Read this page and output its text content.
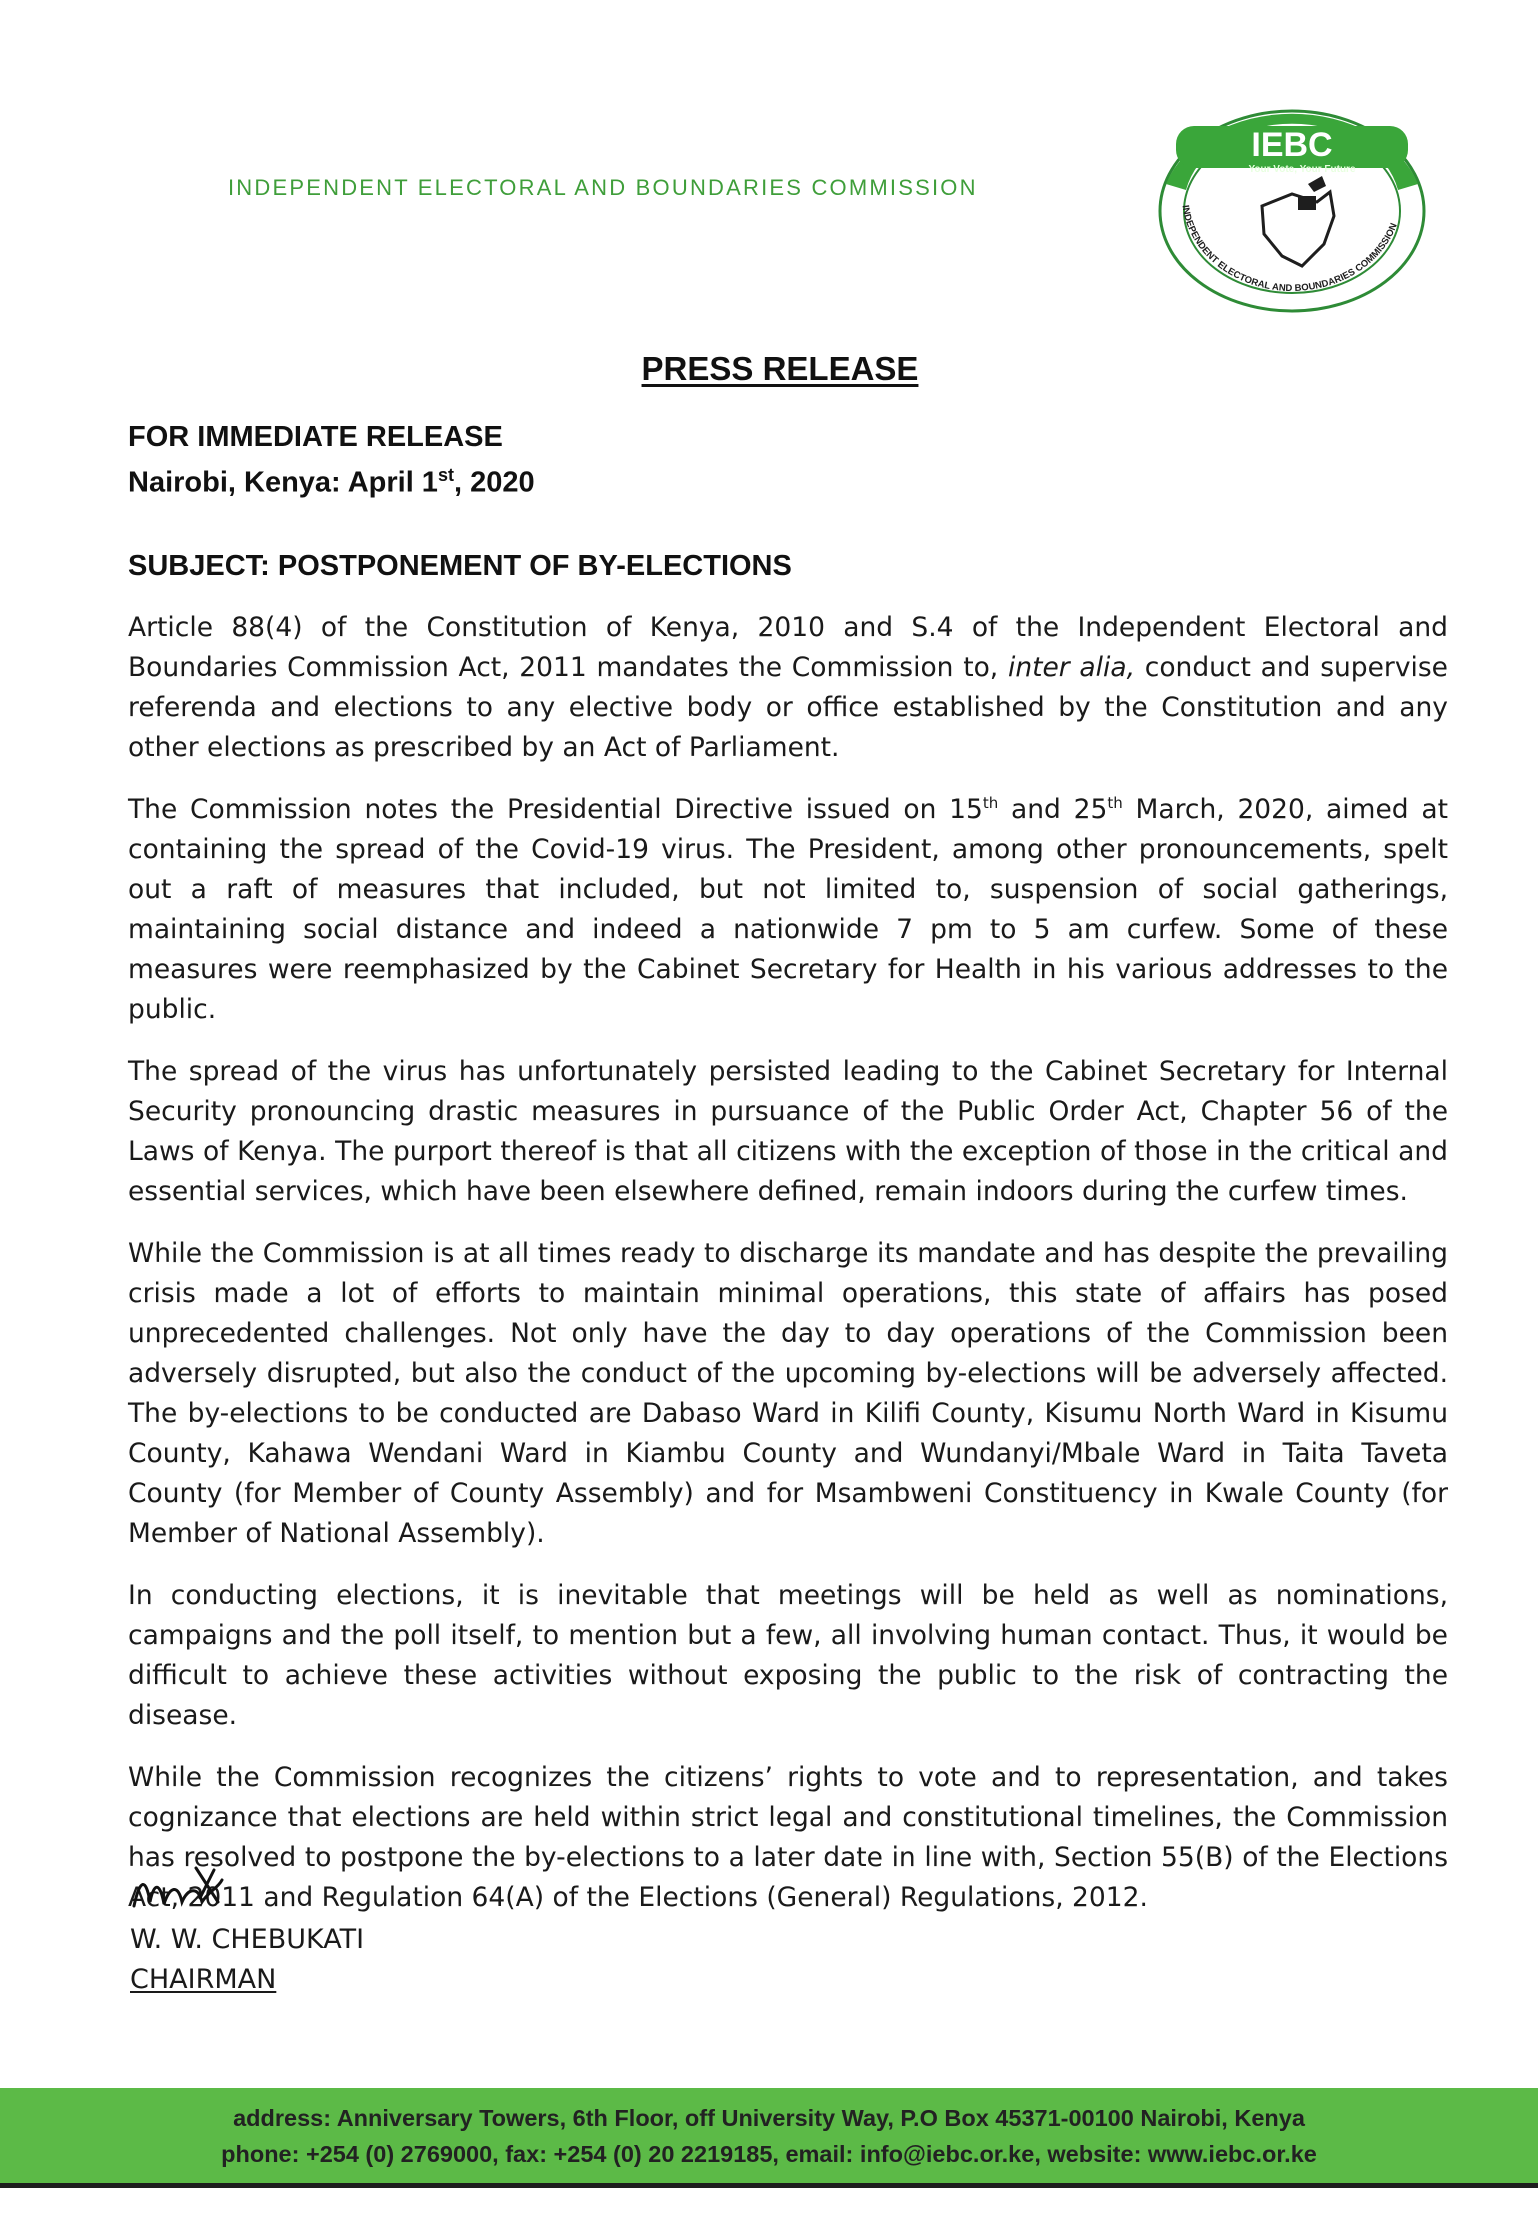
INDEPENDENT ELECTORAL AND BOUNDARIES COMMISSION
IEBC
Your Vote, Your Future
INDEPENDENT ELECTORAL AND BOUNDARIES COMMISSION
PRESS RELEASE
FOR IMMEDIATE RELEASE
Nairobi, Kenya: April 1st, 2020
SUBJECT: POSTPONEMENT OF BY-ELECTIONS

Article 88(4) of the Constitution of Kenya, 2010 and S.4 of the Independent Electoral and Boundaries Commission Act, 2011 mandates the Commission to, inter alia, conduct and supervise referenda and elections to any elective body or office established by the Constitution and any other elections as prescribed by an Act of Parliament.

The Commission notes the Presidential Directive issued on 15th and 25th March, 2020, aimed at containing the spread of the Covid-19 virus. The President, among other pronouncements, spelt out a raft of measures that included, but not limited to, suspension of social gatherings, maintaining social distance and indeed a nationwide 7 pm to 5 am curfew. Some of these measures were reemphasized by the Cabinet Secretary for Health in his various addresses to the public.

The spread of the virus has unfortunately persisted leading to the Cabinet Secretary for Internal Security pronouncing drastic measures in pursuance of the Public Order Act, Chapter 56 of the Laws of Kenya. The purport thereof is that all citizens with the exception of those in the critical and essential services, which have been elsewhere defined, remain indoors during the curfew times.

While the Commission is at all times ready to discharge its mandate and has despite the prevailing crisis made a lot of efforts to maintain minimal operations, this state of affairs has posed unprecedented challenges. Not only have the day to day operations of the Commission been adversely disrupted, but also the conduct of the upcoming by-elections will be adversely affected. The by-elections to be conducted are Dabaso Ward in Kilifi County, Kisumu North Ward in Kisumu County, Kahawa Wendani Ward in Kiambu County and Wundanyi/Mbale Ward in Taita Taveta County (for Member of County Assembly) and for Msambweni Constituency in Kwale County (for Member of National Assembly).

In conducting elections, it is inevitable that meetings will be held as well as nominations, campaigns and the poll itself, to mention but a few, all involving human contact. Thus, it would be difficult to achieve these activities without exposing the public to the risk of contracting the disease.

While the Commission recognizes the citizens’ rights to vote and to representation, and takes cognizance that elections are held within strict legal and constitutional timelines, the Commission has resolved to postpone the by-elections to a later date in line with, Section 55(B) of the Elections Act, 2011 and Regulation 64(A) of the Elections (General) Regulations, 2012.

W. W. CHEBUKATI
CHAIRMAN
address: Anniversary Towers, 6th Floor, off University Way, P.O Box 45371-00100 Nairobi, Kenya
phone: +254 (0) 2769000, fax: +254 (0) 20 2219185, email: info@iebc.or.ke, website: www.iebc.or.ke
